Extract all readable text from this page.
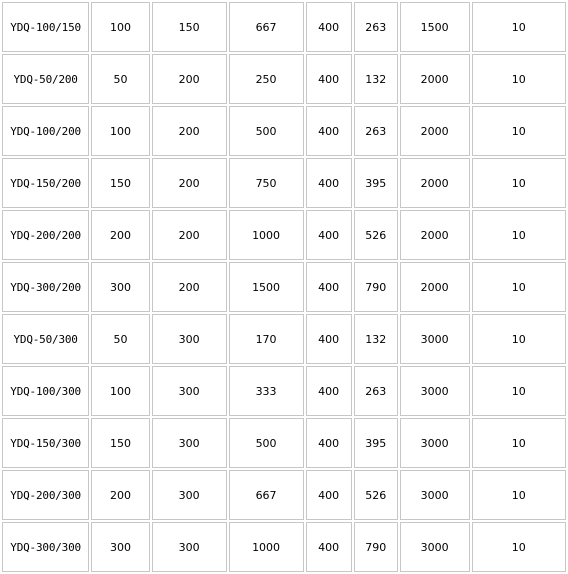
YDQ-100/150	100	150	667	400	263	1500	10
YDQ-50/200	50	200	250	400	132	2000	10
YDQ-100/200	100	200	500	400	263	2000	10
YDQ-150/200	150	200	750	400	395	2000	10
YDQ-200/200	200	200	1000	400	526	2000	10
YDQ-300/200	300	200	1500	400	790	2000	10
YDQ-50/300	50	300	170	400	132	3000	10
YDQ-100/300	100	300	333	400	263	3000	10
YDQ-150/300	150	300	500	400	395	3000	10
YDQ-200/300	200	300	667	400	526	3000	10
YDQ-300/300	300	300	1000	400	790	3000	10
